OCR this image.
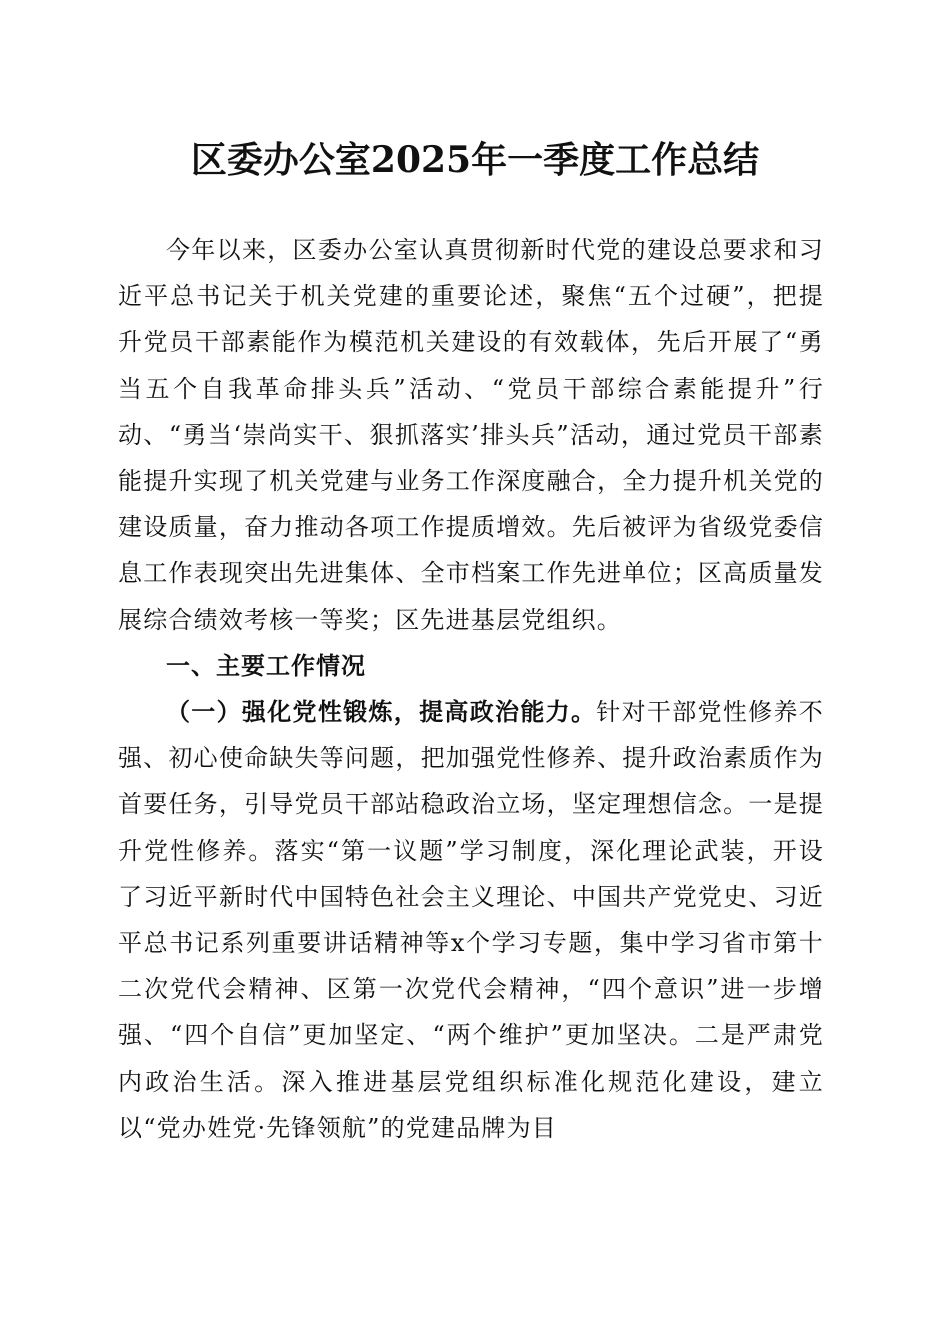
区委办公室2025年一季度工作总结

今年以来，区委办公室认真贯彻新时代党的建设总要求和习近平总书记关于机关党建的重要论述，聚焦“五个过硬”，把提升党员干部素能作为模范机关建设的有效载体，先后开展了“勇当五个自我革命排头兵”活动、“党员干部综合素能提升”行动、“勇当‘崇尚实干、狠抓落实’排头兵”活动，通过党员干部素能提升实现了机关党建与业务工作深度融合，全力提升机关党的建设质量，奋力推动各项工作提质增效。先后被评为省级党委信息工作表现突出先进集体、全市档案工作先进单位；区高质量发展综合绩效考核一等奖；区先进基层党组织。

一、主要工作情况

（一）强化党性锻炼，提高政治能力。针对干部党性修养不强、初心使命缺失等问题，把加强党性修养、提升政治素质作为首要任务，引导党员干部站稳政治立场，坚定理想信念。一是提升党性修养。落实“第一议题”学习制度，深化理论武装，开设了习近平新时代中国特色社会主义理论、中国共产党党史、习近平总书记系列重要讲话精神等x个学习专题，集中学习省市第十二次党代会精神、区第一次党代会精神，“四个意识”进一步增强、“四个自信”更加坚定、“两个维护”更加坚决。二是严肃党内政治生活。深入推进基层党组织标准化规范化建设，建立以“党办姓党·先锋领航”的党建品牌为目
